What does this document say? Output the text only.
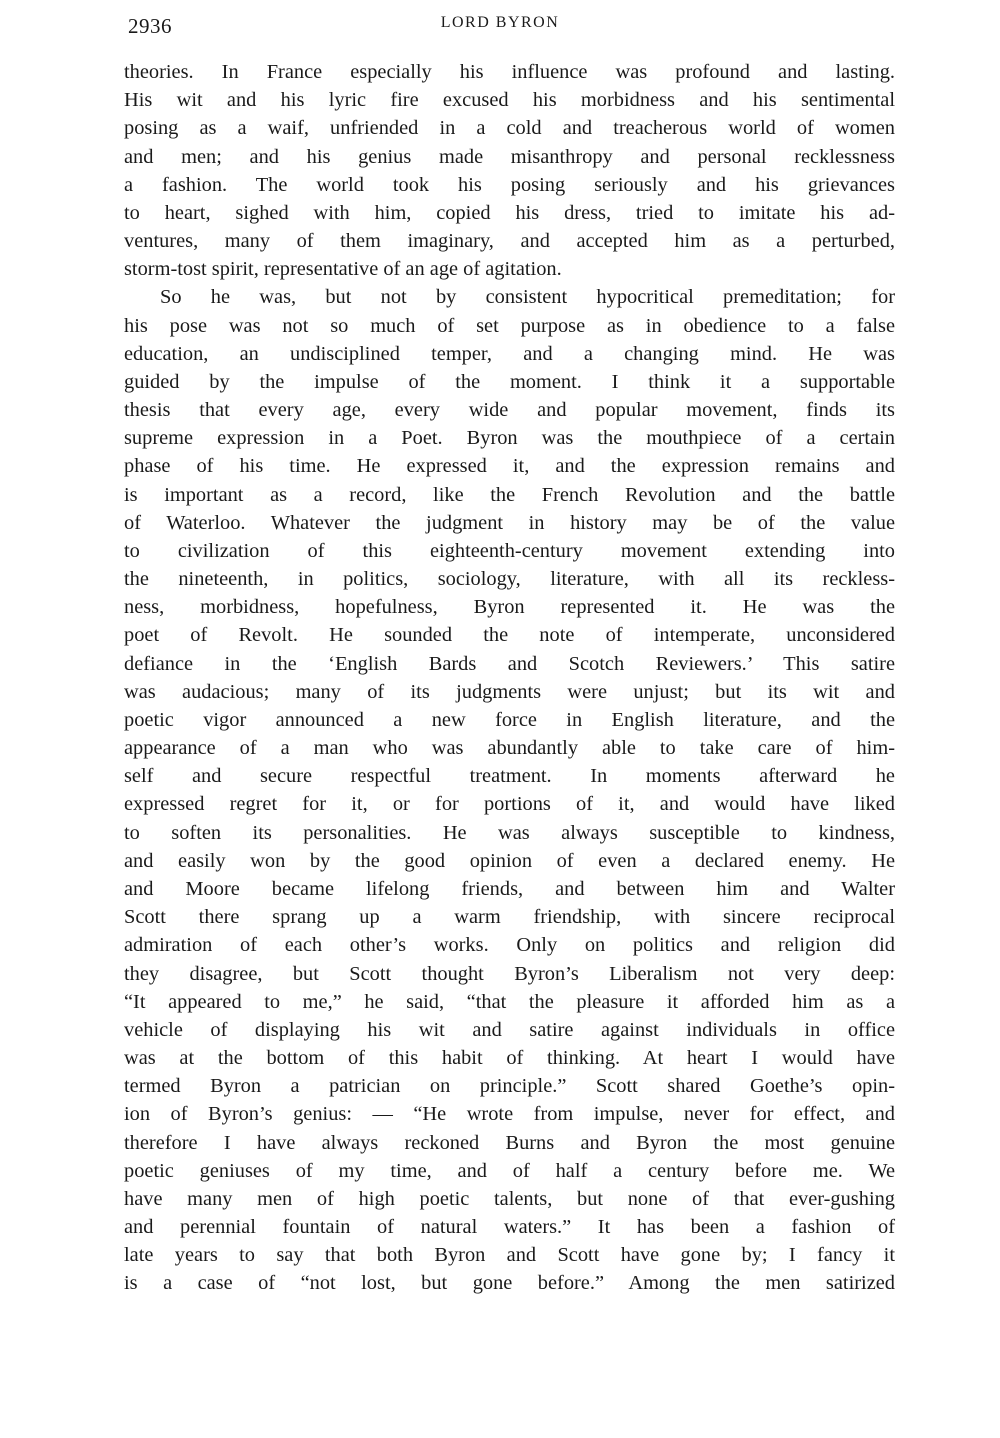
2936	LORD BYRON
theories. In France especially his influence was profound and lasting.
His wit and his lyric fire excused his morbidness and his sentimental
posing as a waif, unfriended in a cold and treacherous world of women
and men; and his genius made misanthropy and personal recklessness
a fashion. The world took his posing seriously and his grievances
to heart, sighed with him, copied his dress, tried to imitate his ad-
ventures, many of them imaginary, and accepted him as a perturbed,
storm-tost spirit, representative of an age of agitation.
So he was, but not by consistent hypocritical premeditation; for
his pose was not so much of set purpose as in obedience to a false
education, an undisciplined temper, and a changing mind. He was
guided by the impulse of the moment. I think it a supportable
thesis that every age, every wide and popular movement, finds its
supreme expression in a Poet. Byron was the mouthpiece of a certain
phase of his time. He expressed it, and the expression remains and
is important as a record, like the French Revolution and the battle
of Waterloo. Whatever the judgment in history may be of the value
to civilization of this eighteenth-century movement extending into
the nineteenth, in politics, sociology, literature, with all its reckless-
ness, morbidness, hopefulness, Byron represented it. He was the
poet of Revolt. He sounded the note of intemperate, unconsidered
defiance in the ‘English Bards and Scotch Reviewers.’ This satire
was audacious; many of its judgments were unjust; but its wit and
poetic vigor announced a new force in English literature, and the
appearance of a man who was abundantly able to take care of him-
self and secure respectful treatment. In moments afterward he
expressed regret for it, or for portions of it, and would have liked
to soften its personalities. He was always susceptible to kindness,
and easily won by the good opinion of even a declared enemy. He
and Moore became lifelong friends, and between him and Walter
Scott there sprang up a warm friendship, with sincere reciprocal
admiration of each other’s works. Only on politics and religion did
they disagree, but Scott thought Byron’s Liberalism not very deep:
“It appeared to me,” he said, “that the pleasure it afforded him as a
vehicle of displaying his wit and satire against individuals in office
was at the bottom of this habit of thinking. At heart I would have
termed Byron a patrician on principle.” Scott shared Goethe’s opin-
ion of Byron’s genius: — “He wrote from impulse, never for effect, and
therefore I have always reckoned Burns and Byron the most genuine
poetic geniuses of my time, and of half a century before me. We
have many men of high poetic talents, but none of that ever-gushing
and perennial fountain of natural waters.” It has been a fashion of
late years to say that both Byron and Scott have gone by; I fancy it
is a case of “not lost, but gone before.” Among the men satirized
